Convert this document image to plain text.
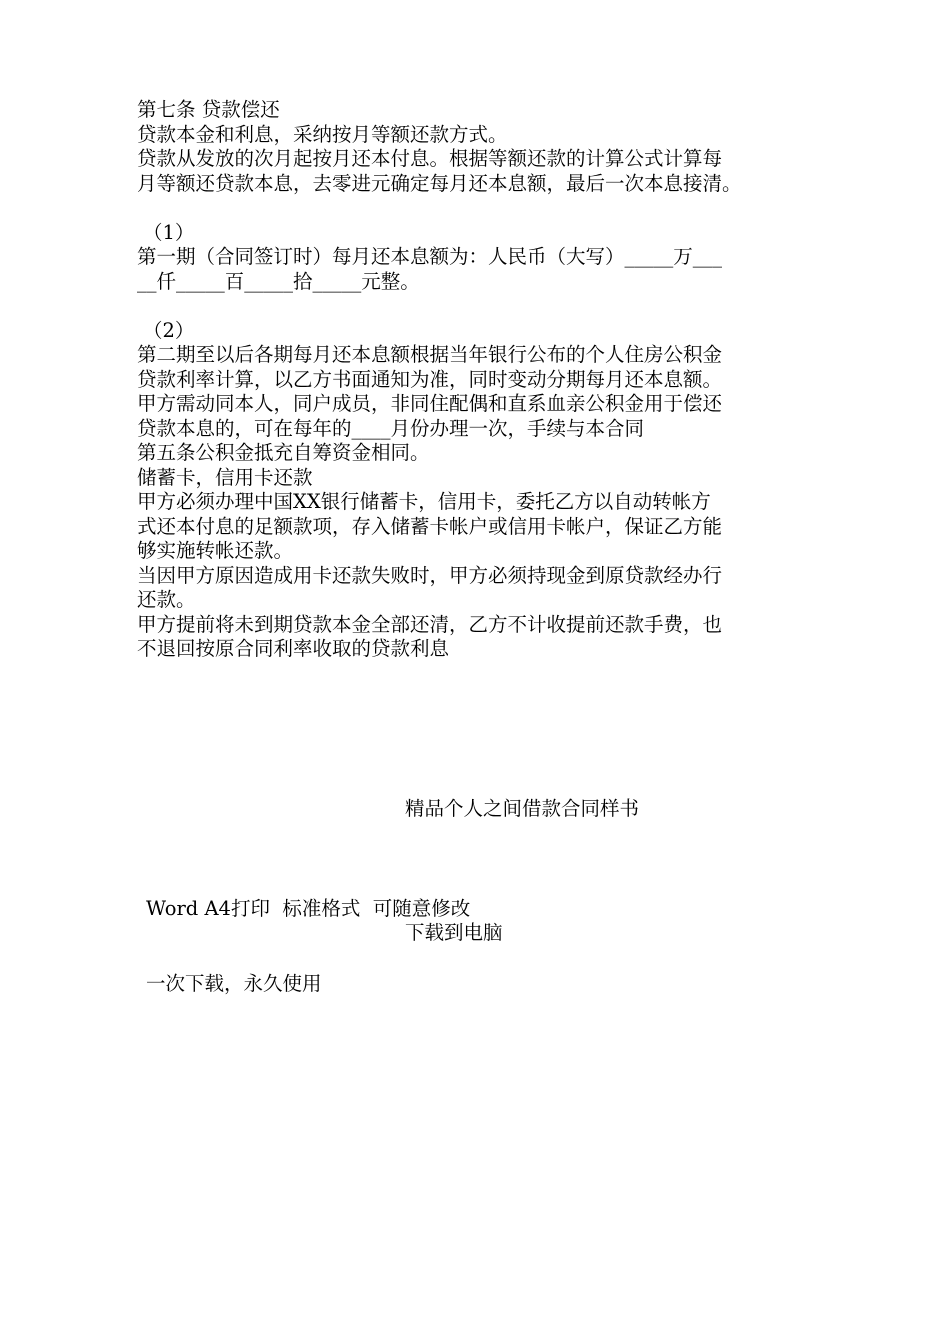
第七条 贷款偿还

贷款本金和利息，采纳按月等额还款方式。

贷款从发放的次月起按月还本付息。根据等额还款的计算公式计算每

月等额还贷款本息，去零进元确定每月还本息额，最后一次本息接清。

（1）

第一期（合同签订时）每月还本息额为：人民币（大写）_____万___

__仟_____百_____拾_____元整。

（2）

第二期至以后各期每月还本息额根据当年银行公布的个人住房公积金

贷款利率计算，以乙方书面通知为准，同时变动分期每月还本息额。

甲方需动同本人，同户成员，非同住配偶和直系血亲公积金用于偿还

贷款本息的，可在每年的____月份办理一次，手续与本合同

第五条公积金抵充自筹资金相同。

储蓄卡，信用卡还款

甲方必须办理中国XX银行储蓄卡，信用卡，委托乙方以自动转帐方

式还本付息的足额款项，存入储蓄卡帐户或信用卡帐户，保证乙方能

够实施转帐还款。

当因甲方原因造成用卡还款失败时，甲方必须持现金到原贷款经办行

还款。

甲方提前将未到期贷款本金全部还清，乙方不计收提前还款手费，也

不退回按原合同利率收取的贷款利息

精品个人之间借款合同样书

Word A4打印  标准格式  可随意修改

一次下载，永久使用

下载到电脑
